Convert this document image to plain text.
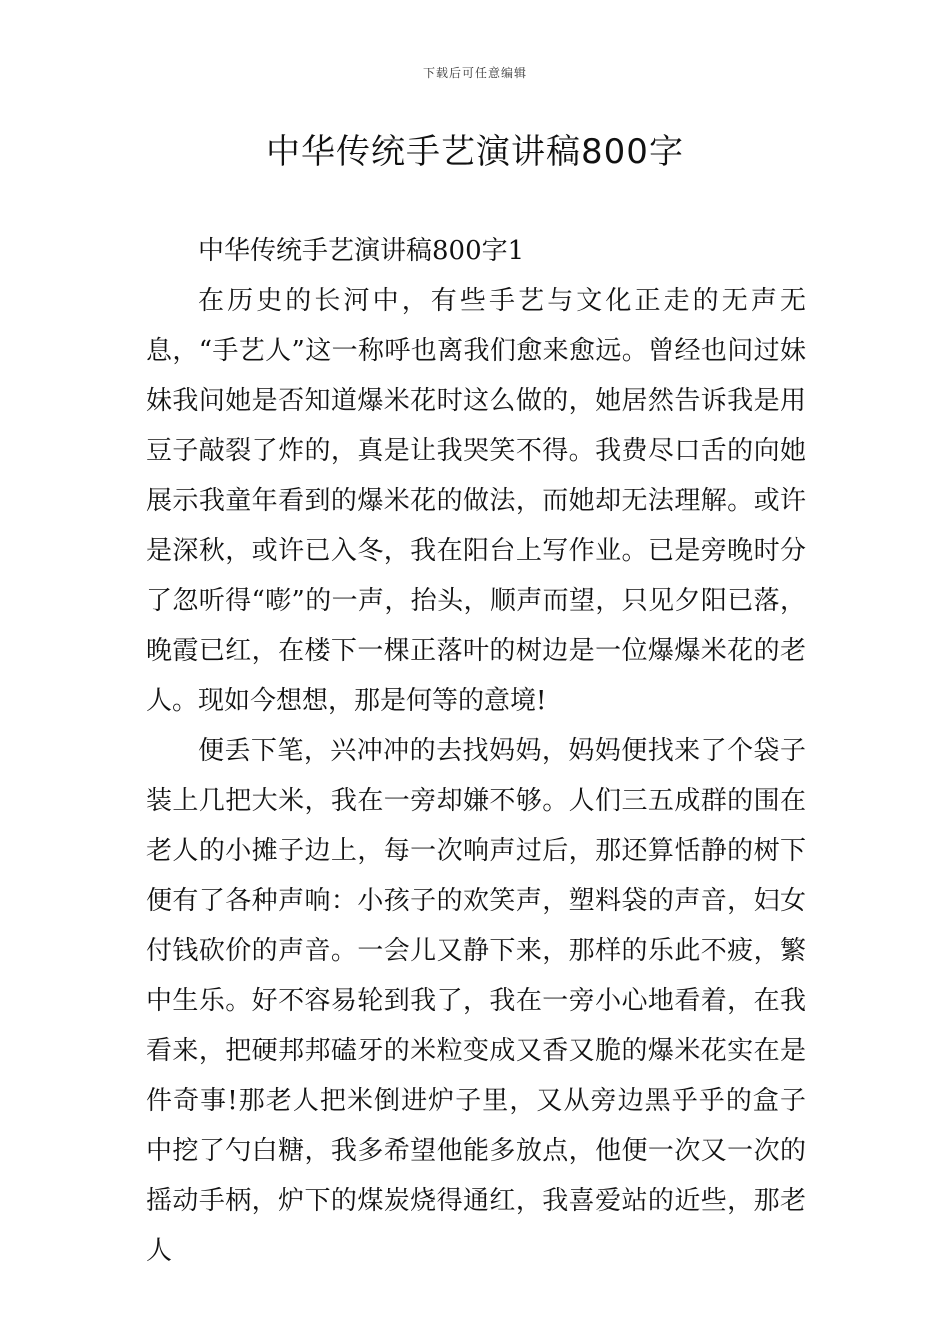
下载后可任意编辑
中华传统手艺演讲稿800字

中华传统手艺演讲稿800字1

在历史的长河中，有些手艺与文化正走的无声无息，“手艺人”这一称呼也离我们愈来愈远。曾经也问过妹妹我问她是否知道爆米花时这么做的，她居然告诉我是用豆子敲裂了炸的，真是让我哭笑不得。我费尽口舌的向她展示我童年看到的爆米花的做法，而她却无法理解。或许是深秋，或许已入冬，我在阳台上写作业。已是旁晚时分了忽听得“嘭”的一声，抬头，顺声而望，只见夕阳已落，晚霞已红，在楼下一棵正落叶的树边是一位爆爆米花的老人。现如今想想，那是何等的意境!

便丢下笔，兴冲冲的去找妈妈，妈妈便找来了个袋子装上几把大米，我在一旁却嫌不够。人们三五成群的围在老人的小摊子边上，每一次响声过后，那还算恬静的树下便有了各种声响：小孩子的欢笑声，塑料袋的声音，妇女付钱砍价的声音。一会儿又静下来，那样的乐此不疲，繁中生乐。好不容易轮到我了，我在一旁小心地看着，在我看来，把硬邦邦磕牙的米粒变成又香又脆的爆米花实在是件奇事!那老人把米倒进炉子里，又从旁边黑乎乎的盒子中挖了勺白糖，我多希望他能多放点，他便一次又一次的摇动手柄，炉下的煤炭烧得通红，我喜爱站的近些，那老人
